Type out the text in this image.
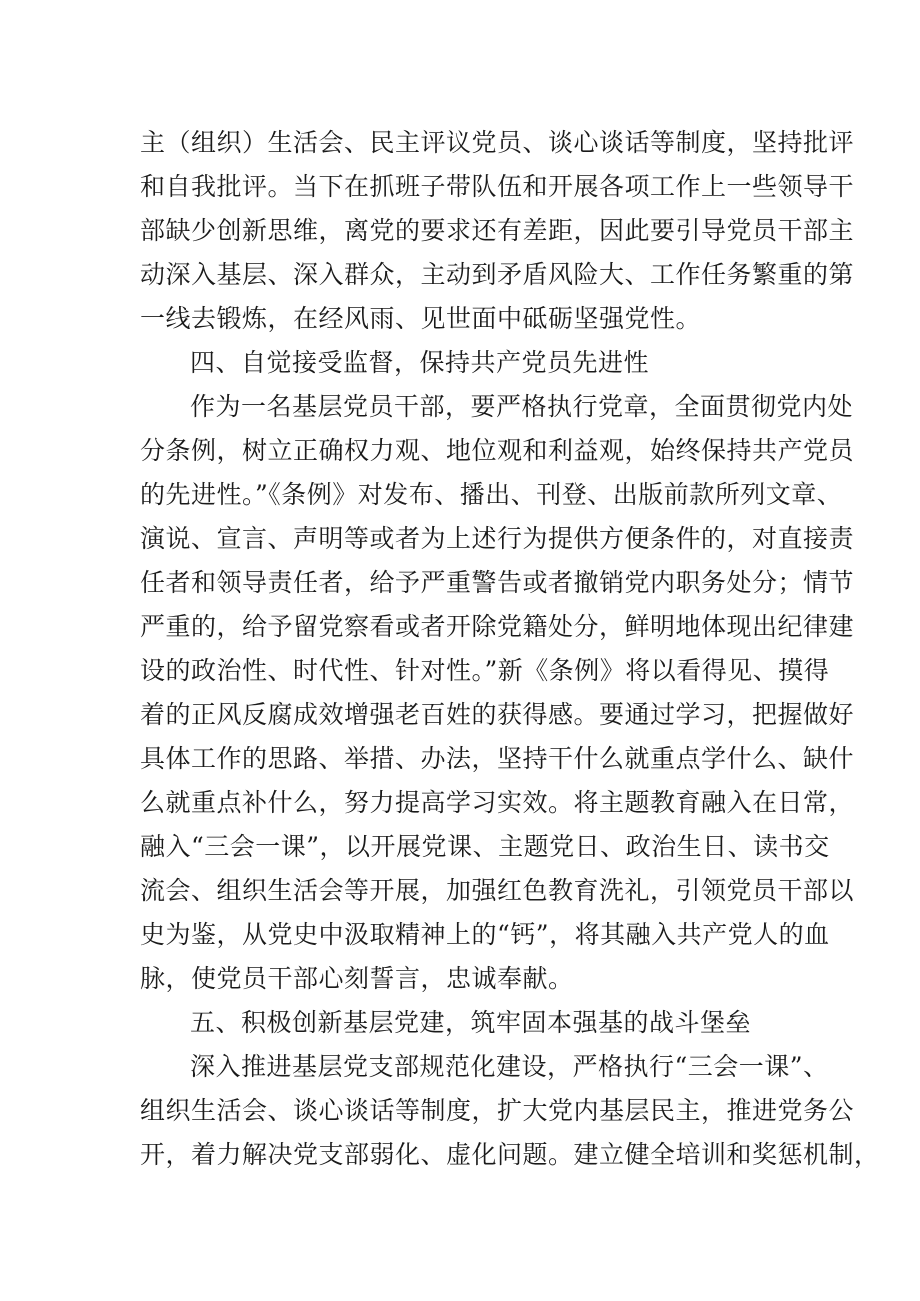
主（组织）生活会、民主评议党员、谈心谈话等制度，坚持批评
和自我批评。当下在抓班子带队伍和开展各项工作上一些领导干
部缺少创新思维，离党的要求还有差距，因此要引导党员干部主
动深入基层、深入群众，主动到矛盾风险大、工作任务繁重的第
一线去锻炼，在经风雨、见世面中砥砺坚强党性。
四、自觉接受监督，保持共产党员先进性
作为一名基层党员干部，要严格执行党章，全面贯彻党内处
分条例，树立正确权力观、地位观和利益观，始终保持共产党员
的先进性。”《条例》对发布、播出、刊登、出版前款所列文章、
演说、宣言、声明等或者为上述行为提供方便条件的，对直接责
任者和领导责任者，给予严重警告或者撤销党内职务处分；情节
严重的，给予留党察看或者开除党籍处分，鲜明地体现出纪律建
设的政治性、时代性、针对性。”新《条例》将以看得见、摸得
着的正风反腐成效增强老百姓的获得感。要通过学习，把握做好
具体工作的思路、举措、办法，坚持干什么就重点学什么、缺什
么就重点补什么，努力提高学习实效。将主题教育融入在日常，
融入“三会一课”，以开展党课、主题党日、政治生日、读书交
流会、组织生活会等开展，加强红色教育洗礼，引领党员干部以
史为鉴，从党史中汲取精神上的“钙”，将其融入共产党人的血
脉，使党员干部心刻誓言，忠诚奉献。
五、积极创新基层党建，筑牢固本强基的战斗堡垒
深入推进基层党支部规范化建设，严格执行“三会一课”、
组织生活会、谈心谈话等制度，扩大党内基层民主，推进党务公
开，着力解决党支部弱化、虚化问题。建立健全培训和奖惩机制，
